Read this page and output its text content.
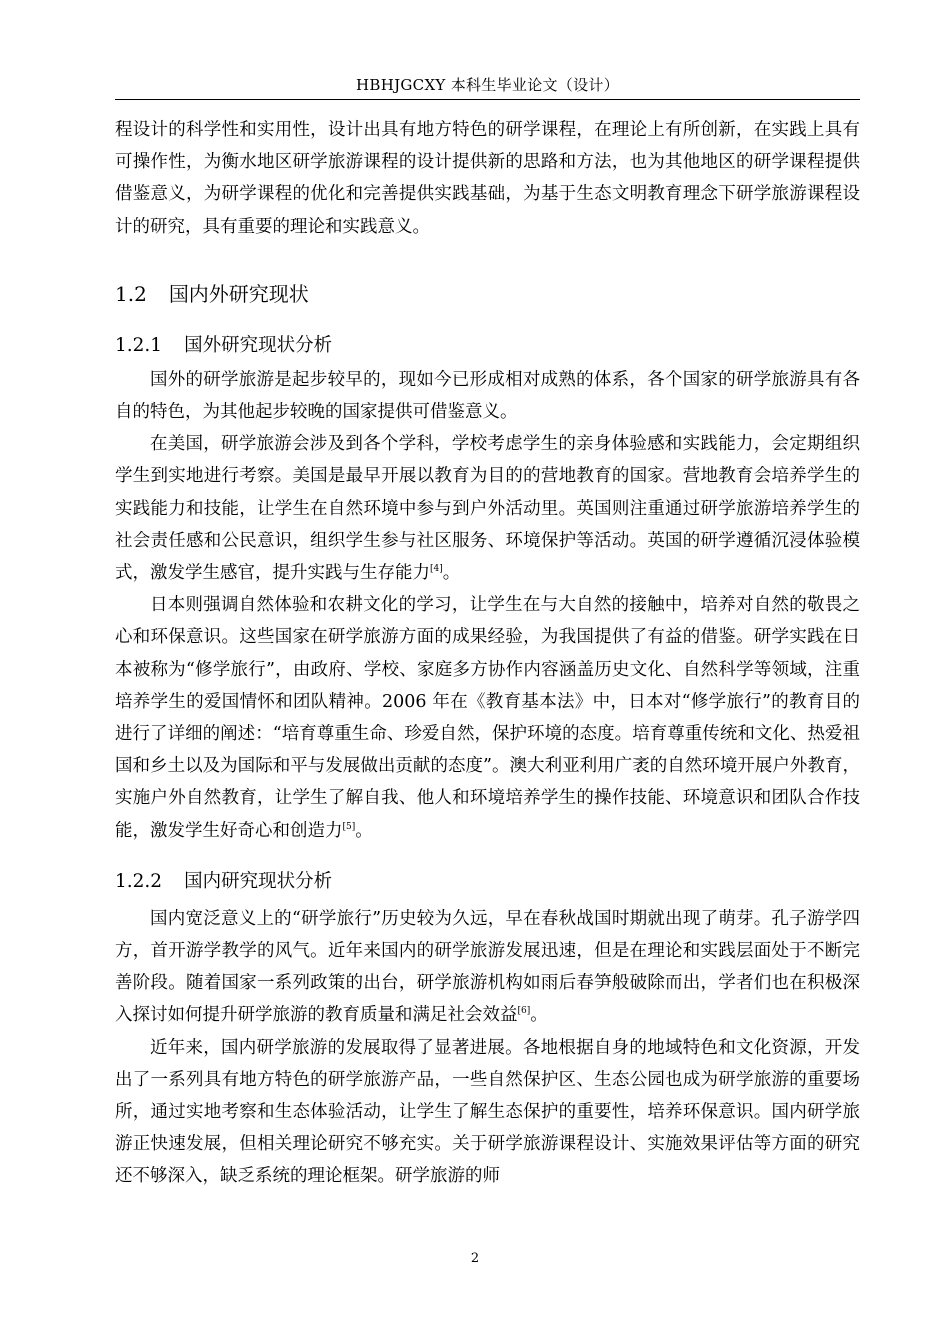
HBHJGCXY 本科生毕业论文（设计）

程设计的科学性和实用性，设计出具有地方特色的研学课程，在理论上有所创新，在实践上具有可操作性，为衡水地区研学旅游课程的设计提供新的思路和方法，也为其他地区的研学课程提供借鉴意义，为研学课程的优化和完善提供实践基础，为基于生态文明教育理念下研学旅游课程设计的研究，具有重要的理论和实践意义。

1.2 国内外研究现状
1.2.1 国外研究现状分析

国外的研学旅游是起步较早的，现如今已形成相对成熟的体系，各个国家的研学旅游具有各自的特色，为其他起步较晚的国家提供可借鉴意义。

在美国，研学旅游会涉及到各个学科，学校考虑学生的亲身体验感和实践能力，会定期组织学生到实地进行考察。美国是最早开展以教育为目的的营地教育的国家。营地教育会培养学生的实践能力和技能，让学生在自然环境中参与到户外活动里。英国则注重通过研学旅游培养学生的社会责任感和公民意识，组织学生参与社区服务、环境保护等活动。英国的研学遵循沉浸体验模式，激发学生感官，提升实践与生存能力[4]。

日本则强调自然体验和农耕文化的学习，让学生在与大自然的接触中，培养对自然的敬畏之心和环保意识。这些国家在研学旅游方面的成果经验，为我国提供了有益的借鉴。研学实践在日本被称为“修学旅行”，由政府、学校、家庭多方协作内容涵盖历史文化、自然科学等领域，注重培养学生的爱国情怀和团队精神。2006 年在《教育基本法》中，日本对“修学旅行”的教育目的进行了详细的阐述：“培育尊重生命、珍爱自然，保护环境的态度。培育尊重传统和文化、热爱祖国和乡土以及为国际和平与发展做出贡献的态度”。澳大利亚利用广袤的自然环境开展户外教育，实施户外自然教育，让学生了解自我、他人和环境培养学生的操作技能、环境意识和团队合作技能，激发学生好奇心和创造力[5]。

1.2.2 国内研究现状分析

国内宽泛意义上的“研学旅行”历史较为久远，早在春秋战国时期就出现了萌芽。孔子游学四方，首开游学教学的风气。近年来国内的研学旅游发展迅速，但是在理论和实践层面处于不断完善阶段。随着国家一系列政策的出台，研学旅游机构如雨后春笋般破除而出，学者们也在积极深入探讨如何提升研学旅游的教育质量和满足社会效益[6]。

近年来，国内研学旅游的发展取得了显著进展。各地根据自身的地域特色和文化资源，开发出了一系列具有地方特色的研学旅游产品，一些自然保护区、生态公园也成为研学旅游的重要场所，通过实地考察和生态体验活动，让学生了解生态保护的重要性，培养环保意识。国内研学旅游正快速发展，但相关理论研究不够充实。关于研学旅游课程设计、实施效果评估等方面的研究还不够深入，缺乏系统的理论框架。研学旅游的师

2
